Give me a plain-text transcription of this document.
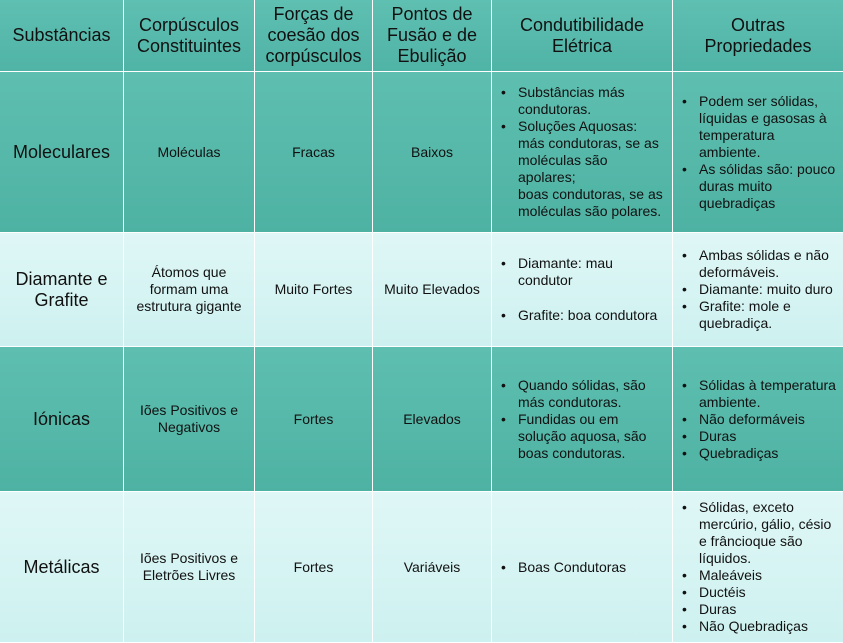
Substâncias
Corpúsculos Constituintes
Forças de coesão dos corpúsculos
Pontos de Fusão e de Ebulição
Condutibilidade Elétrica
Outras Propriedades
Moleculares	Moléculas	Fracas	Baixos
• Substâncias más condutoras.
• Soluções Aquosas: más condutoras, se as moléculas são apolares;
boas condutoras, se as moléculas são polares.
• Podem ser sólidas, líquidas e gasosas à temperatura ambiente.
• As sólidas são: pouco duras muito quebradiças
Diamante e Grafite
Átomos que formam uma estrutura gigante
Muito Fortes Muito Elevados
• Diamante: mau condutor
• Grafite: boa condutora
• Ambas sólidas e não deformáveis.
• Diamante: muito duro
• Grafite: mole e quebradiça.
Iónicas	Iões Positivos e Negativos
Fortes	Elevados
• Quando sólidas, são más condutoras.
• Fundidas ou em solução aquosa, são boas condutoras.
• Sólidas à temperatura ambiente.
• Não deformáveis
• Duras
• Quebradiças
Metálicas	Iões Positivos e Eletrões Livres
Fortes	Variáveis
•	Boas Condutoras
• Sólidas, exceto mercúrio, gálio, césio e frâncioque são líquidos.
• Maleáveis
• Ductéis
• Duras
• Não Quebradiças
